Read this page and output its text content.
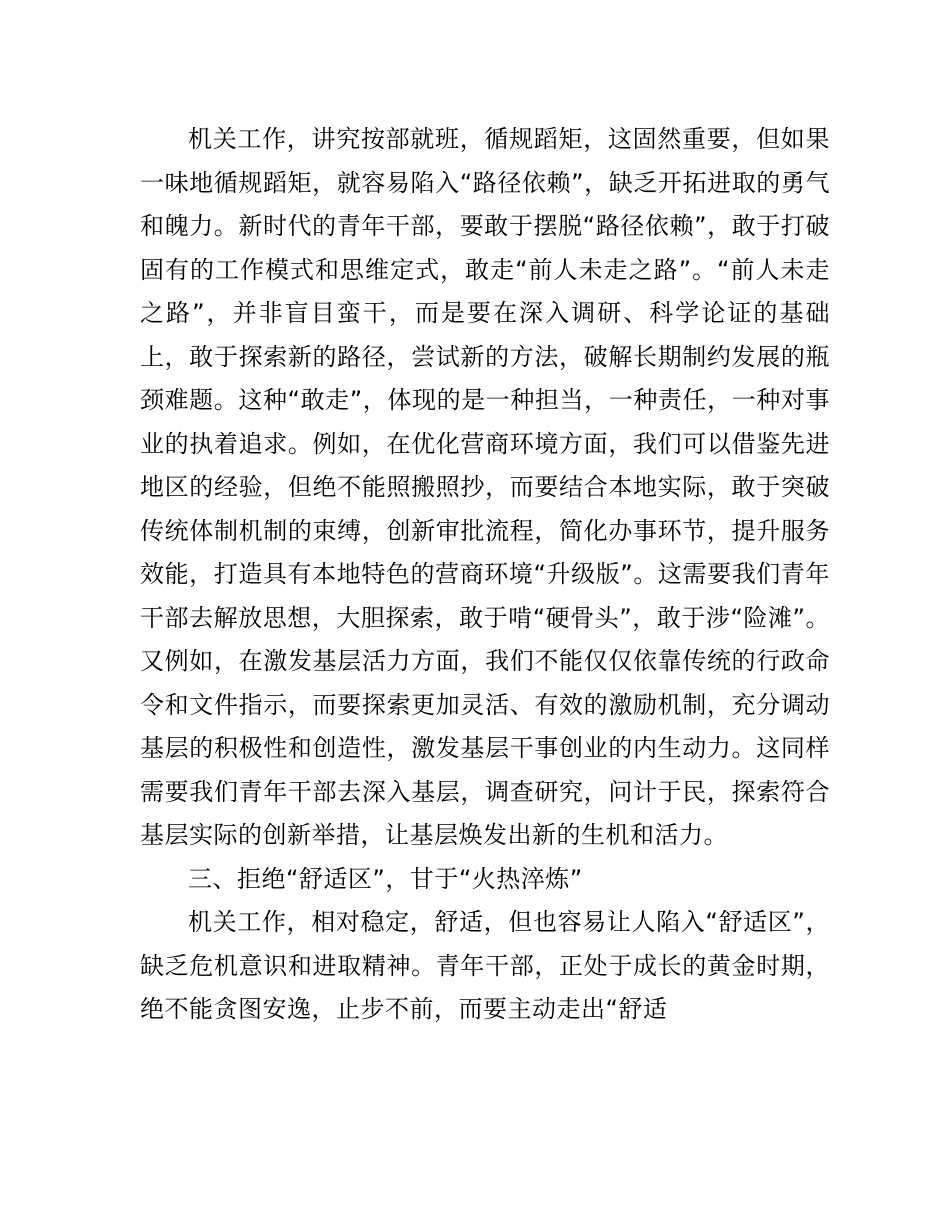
机关工作，讲究按部就班，循规蹈矩，这固然重要，但如果一味地循规蹈矩，就容易陷入“路径依赖”，缺乏开拓进取的勇气和魄力。新时代的青年干部，要敢于摆脱“路径依赖”，敢于打破固有的工作模式和思维定式，敢走“前人未走之路”。“前人未走之路”，并非盲目蛮干，而是要在深入调研、科学论证的基础上，敢于探索新的路径，尝试新的方法，破解长期制约发展的瓶颈难题。这种“敢走”，体现的是一种担当，一种责任，一种对事业的执着追求。例如，在优化营商环境方面，我们可以借鉴先进地区的经验，但绝不能照搬照抄，而要结合本地实际，敢于突破传统体制机制的束缚，创新审批流程，简化办事环节，提升服务效能，打造具有本地特色的营商环境“升级版”。这需要我们青年干部去解放思想，大胆探索，敢于啃“硬骨头”，敢于涉“险滩”。又例如，在激发基层活力方面，我们不能仅仅依靠传统的行政命令和文件指示，而要探索更加灵活、有效的激励机制，充分调动基层的积极性和创造性，激发基层干事创业的内生动力。这同样需要我们青年干部去深入基层，调查研究，问计于民，探索符合基层实际的创新举措，让基层焕发出新的生机和活力。

三、拒绝“舒适区”，甘于“火热淬炼”

机关工作，相对稳定，舒适，但也容易让人陷入“舒适区”，缺乏危机意识和进取精神。青年干部，正处于成长的黄金时期，绝不能贪图安逸，止步不前，而要主动走出“舒适
